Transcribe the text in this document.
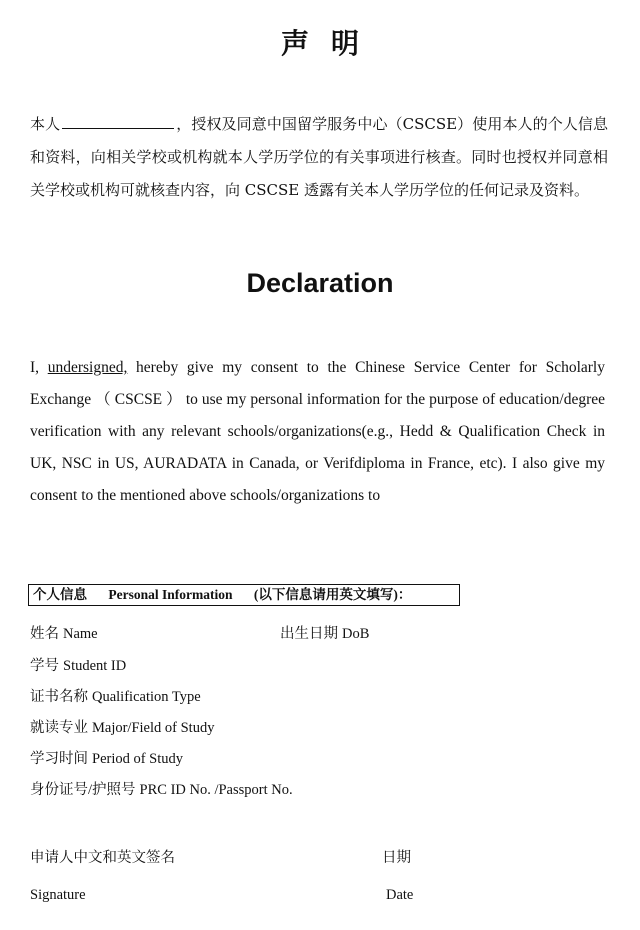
声明
本人	，授权及同意中国留学服务中心（CSCSE）使用本人的个人信息和资料，向相关学校或机构就本人学历学位的有关事项进行核查。同时也授权并同意相关学校或机构可就核查内容，向 CSCSE 透露有关本人学历学位的任何记录及资料。
Declaration
I, undersigned, hereby give my consent to the Chinese Service Center for Scholarly Exchange （ CSCSE ） to use my personal information for the purpose of education/degree verification with any relevant schools/organizations(e.g., Hedd & Qualification Check in UK, NSC in US, AURADATA in Canada, or Verifdiploma in France, etc). I also give my consent to the mentioned above schools/organizations to
个人信息 Personal Information (以下信息请用英文填写)：
姓名 Name	出生日期 DoB
学号 Student ID
证书名称 Qualification Type
就读专业 Major/Field of Study
学习时间 Period of Study
身份证号/护照号 PRC ID No. /Passport No.
申请人中文和英文签名	日期
Signature	Date
